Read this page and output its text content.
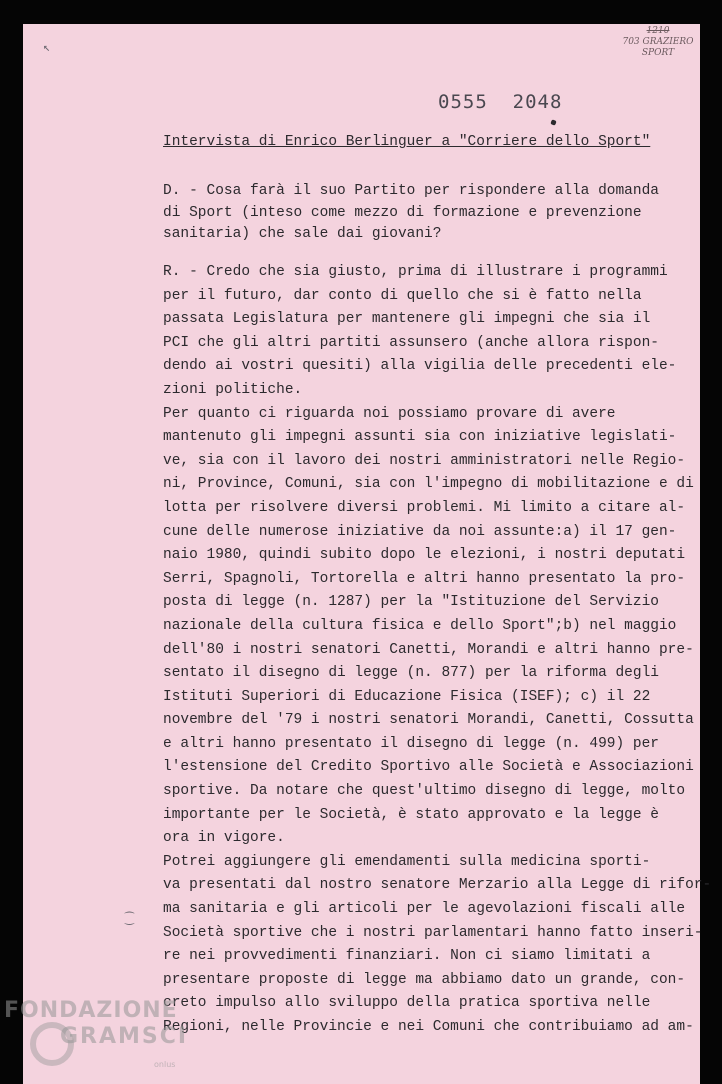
↖
1210
703 GRAZIERO
SPORT
0555  2048
Intervista di Enrico Berlinguer a "Corriere dello Sport"
D. - Cosa farà il suo Partito per rispondere alla domanda
di Sport (inteso come mezzo di formazione e prevenzione
sanitaria) che sale dai giovani?
R. - Credo che sia giusto, prima di illustrare i programmi
per il futuro, dar conto di quello che si è fatto nella
passata Legislatura per mantenere gli impegni che sia il
PCI che gli altri partiti assunsero (anche allora rispon-
dendo ai vostri quesiti) alla vigilia delle precedenti ele-
zioni politiche.
Per quanto ci riguarda noi possiamo provare di avere
mantenuto gli impegni assunti sia con iniziative legislati-
ve, sia con il lavoro dei nostri amministratori nelle Regio-
ni, Province, Comuni, sia con l'impegno di mobilitazione e di
lotta per risolvere diversi problemi. Mi limito a citare al-
cune delle numerose iniziative da noi assunte:a) il 17 gen-
naio 1980, quindi subito dopo le elezioni, i nostri deputati
Serri, Spagnoli, Tortorella e altri hanno presentato la pro-
posta di legge (n. 1287) per la "Istituzione del Servizio
nazionale della cultura fisica e dello Sport";b) nel maggio
dell'80 i nostri senatori Canetti, Morandi e altri hanno pre-
sentato il disegno di legge (n. 877) per la riforma degli
Istituti Superiori di Educazione Fisica (ISEF); c) il 22
novembre del '79 i nostri senatori Morandi, Canetti, Cossutta
e altri hanno presentato il disegno di legge (n. 499) per
l'estensione del Credito Sportivo alle Società e Associazioni
sportive. Da notare che quest'ultimo disegno di legge, molto
importante per le Società, è stato approvato e la legge è
ora in vigore.
Potrei aggiungere gli emendamenti sulla medicina sporti-
va presentati dal nostro senatore Merzario alla Legge di rifor-
ma sanitaria e gli articoli per le agevolazioni fiscali alle
Società sportive che i nostri parlamentari hanno fatto inseri-
re nei provvedimenti finanziari. Non ci siamo limitati a
presentare proposte di legge ma abbiamo dato un grande, con-
creto impulso allo sviluppo della pratica sportiva nelle
Regioni, nelle Provincie e nei Comuni che contribuiamo ad am-
⁐
FONDAZIONE
GRAMSCI
onlus
